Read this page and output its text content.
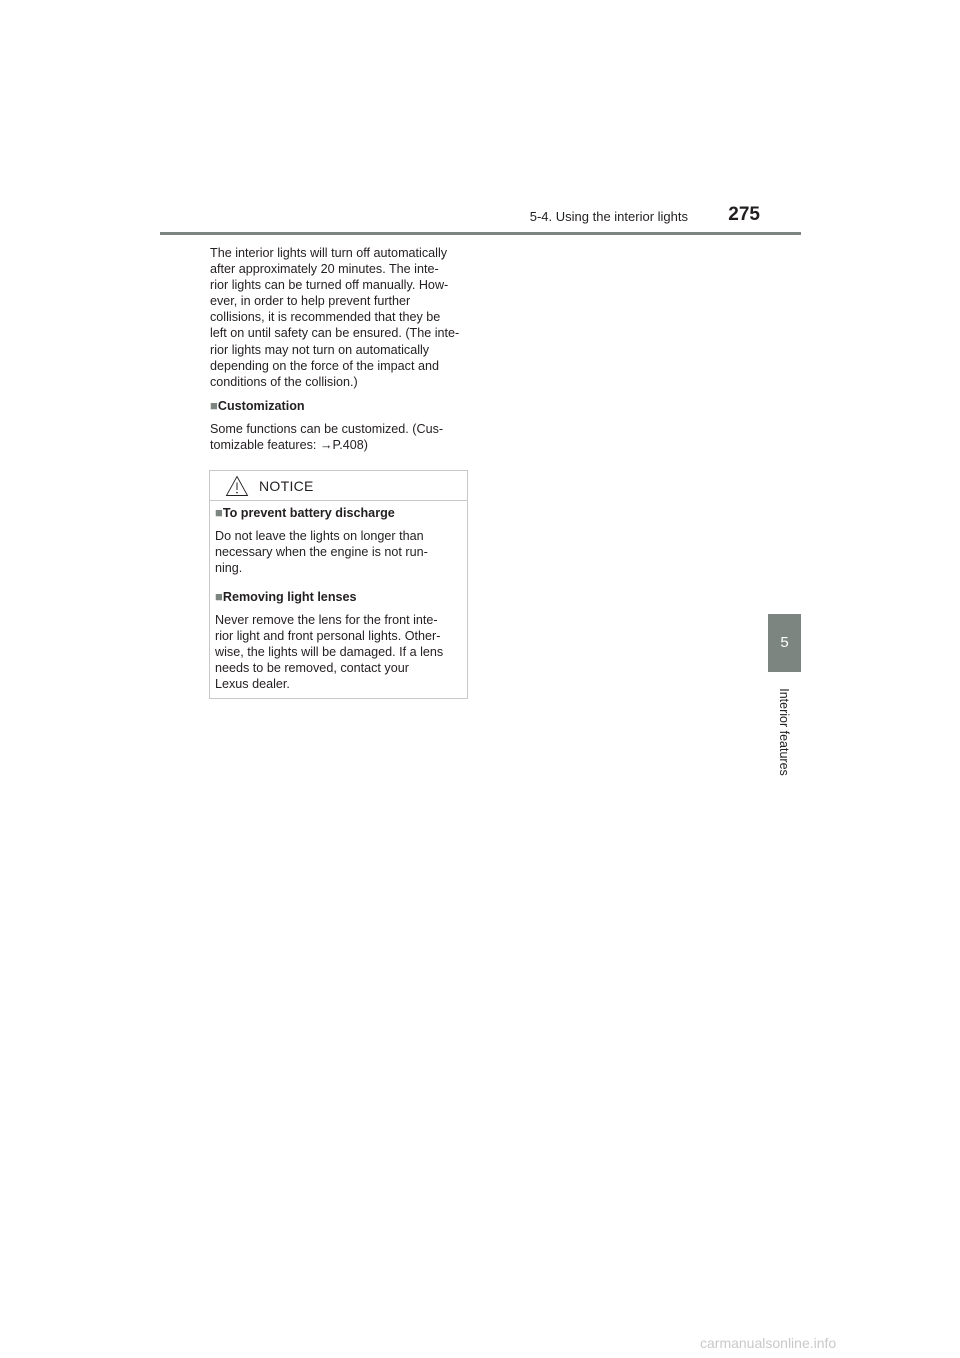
5-4. Using the interior lights	275
5
Interior features

The interior lights will turn off automatically
after approximately 20 minutes. The inte-
rior lights can be turned off manually. How-
ever, in order to help prevent further
collisions, it is recommended that they be
left on until safety can be ensured. (The inte-
rior lights may not turn on automatically
depending on the force of the impact and
conditions of the collision.)

■Customization

Some functions can be customized. (Cus-
tomizable features: →P.408)

NOTICE

■To prevent battery discharge

Do not leave the lights on longer than
necessary when the engine is not run-
ning.

■Removing light lenses

Never remove the lens for the front inte-
rior light and front personal lights. Other-
wise, the lights will be damaged. If a lens
needs to be removed, contact your
Lexus dealer.

carmanualsonline.info
